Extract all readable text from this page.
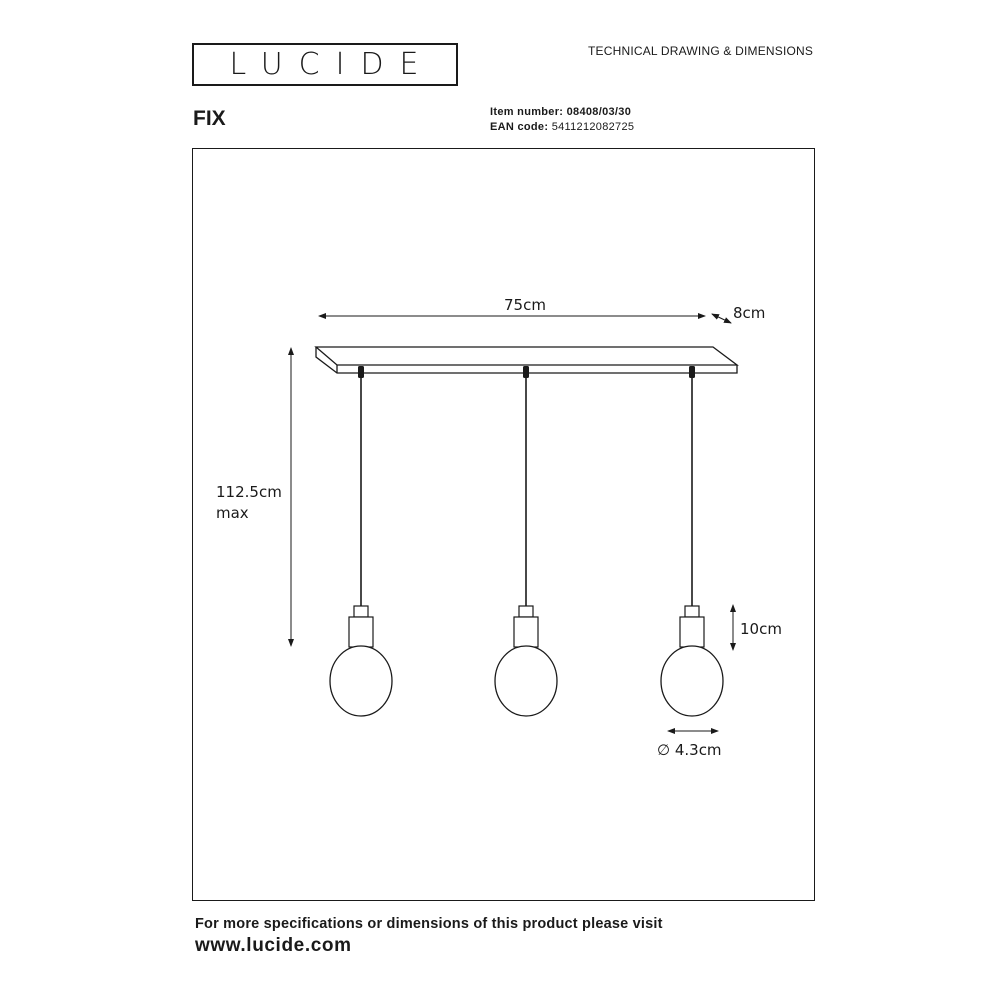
LUCIDE	TECHNICAL DRAWING & DIMENSIONS
FIX	Item number: 08408/03/30
EAN code: 5411212082725
75cm	8cm
112.5cm
max
10cm
∅ 4.3cm
For more specifications or dimensions of this product please visit
www.lucide.com
